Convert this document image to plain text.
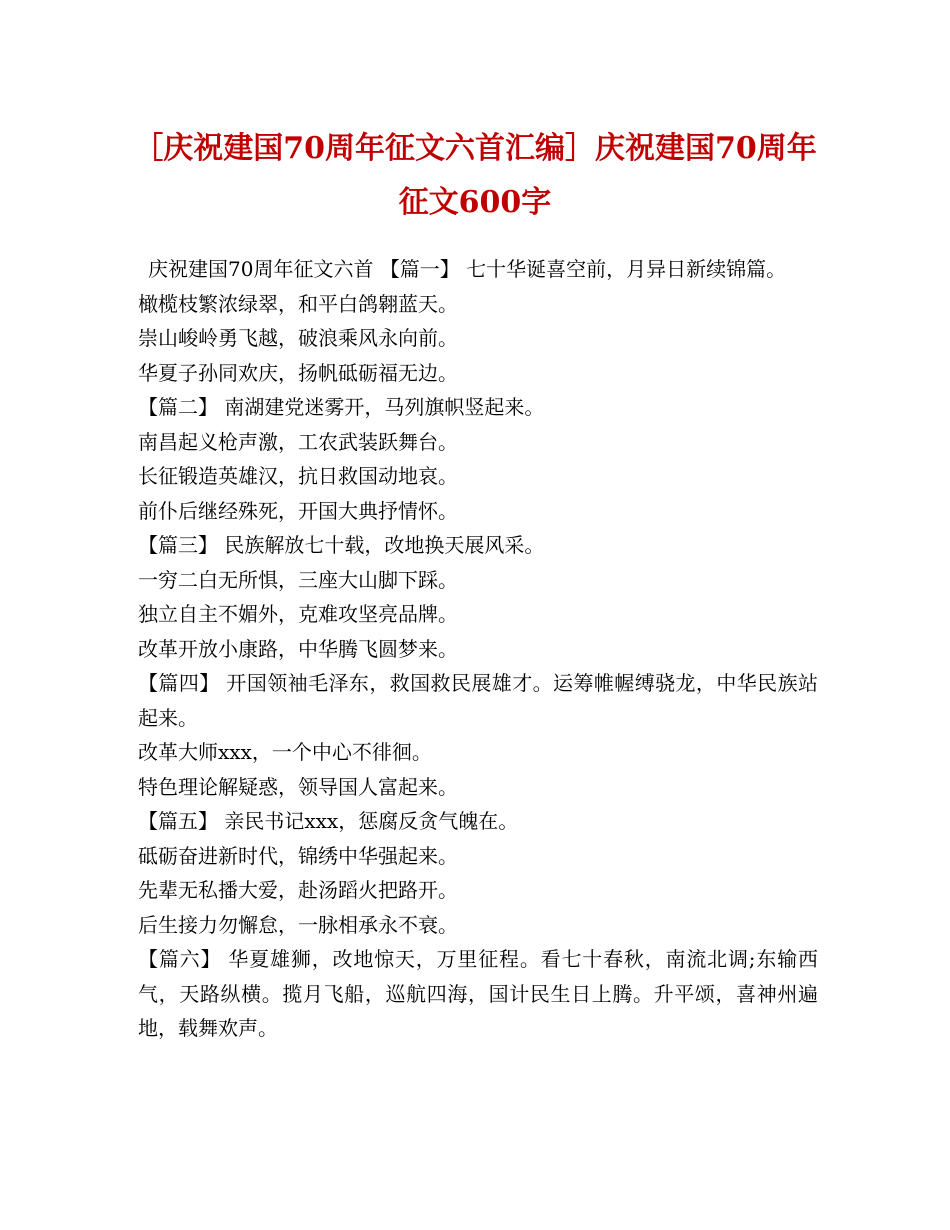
［庆祝建国70周年征文六首汇编］庆祝建国70周年征文600字

庆祝建国70周年征文六首 【篇一】 七十华诞喜空前，月异日新续锦篇。

橄榄枝繁浓绿翠，和平白鸽翱蓝天。

崇山峻岭勇飞越，破浪乘风永向前。

华夏子孙同欢庆，扬帆砥砺福无边。

【篇二】 南湖建党迷雾开，马列旗帜竖起来。

南昌起义枪声激，工农武装跃舞台。

长征锻造英雄汉，抗日救国动地哀。

前仆后继经殊死，开国大典抒情怀。

【篇三】 民族解放七十载，改地换天展风采。

一穷二白无所惧，三座大山脚下踩。

独立自主不媚外，克难攻坚亮品牌。

改革开放小康路，中华腾飞圆梦来。

【篇四】 开国领袖毛泽东，救国救民展雄才。运筹帷幄缚骁龙，中华民族站起来。

改革大师xxx，一个中心不徘徊。

特色理论解疑惑，领导国人富起来。

【篇五】 亲民书记xxx，惩腐反贪气魄在。

砥砺奋进新时代，锦绣中华强起来。

先辈无私播大爱，赴汤蹈火把路开。

后生接力勿懈怠，一脉相承永不衰。

【篇六】 华夏雄狮，改地惊天，万里征程。看七十春秋，南流北调;东输西气，天路纵横。揽月飞船，巡航四海，国计民生日上腾。升平颂，喜神州遍地，载舞欢声。
